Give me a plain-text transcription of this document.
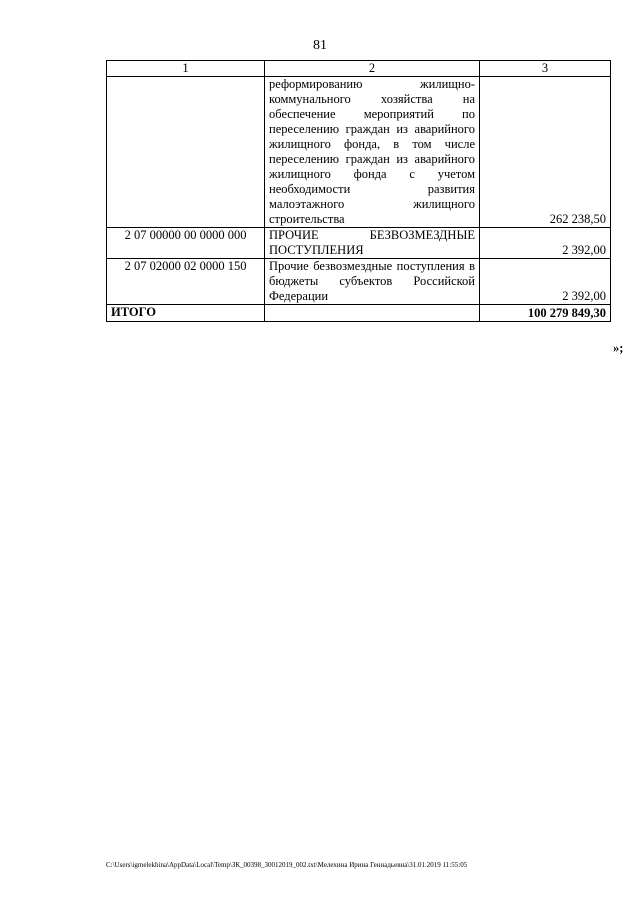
81
1	2	3
	реформированию жилищно-коммунального хозяйства на обеспечение мероприятий по переселению граждан из аварийного жилищного фонда, в том числе переселению граждан из аварийного жилищного фонда с учетом необходимости развития малоэтажного жилищного строительства	262 238,50
2 07 00000 00 0000 000	ПРОЧИЕ БЕЗВОЗМЕЗДНЫЕ ПОСТУПЛЕНИЯ	2 392,00
2 07 02000 02 0000 150	Прочие безвозмездные поступления в бюджеты субъектов Российской Федерации	2 392,00
ИТОГО		100 279 849,30
»;
C:\Users\igmelekhina\AppData\Local\Temp\ЗК_00398_30012019_002.txt\Мелехина Ирина Геннадьевна\31.01.2019 11:55:05
